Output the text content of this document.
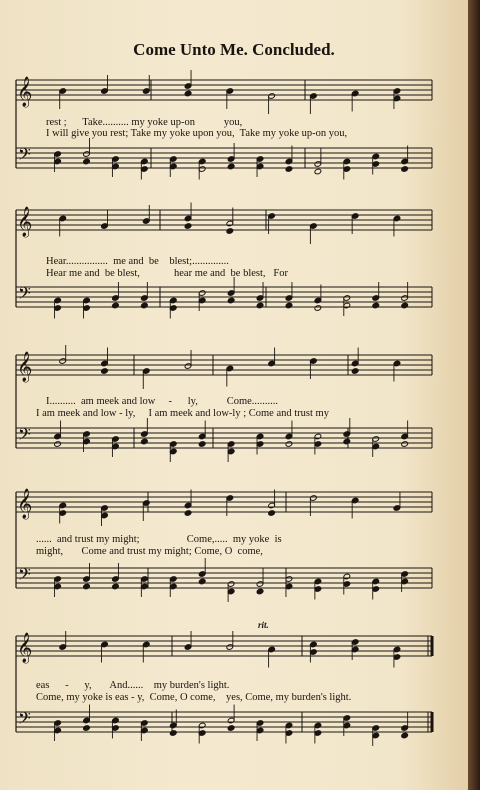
𝄞
𝄢
𝄞
𝄢
𝄞
𝄢
𝄞
𝄢
𝄞
𝄢
Come Unto Me. Concluded.
rest ;      Take.......... my yoke up-on           you,
I will give you rest; Take my yoke upon you,  Take my yoke up-on you,
Hear................  me and  be    blest;..............
Hear me and  be blest,             hear me and  be blest,   For
I..........  am meek and low     -      ly,           Come..........
I am meek and low - ly,     I am meek and low-ly ; Come and trust my
......  and trust my might;                  Come,.....  my yoke  is
might,       Come and trust my might; Come, O  come,
rit.
eas      -      y,       And......    my burden's light.
Come, my yoke is eas - y,  Come, O come,    yes, Come, my burden's light.
